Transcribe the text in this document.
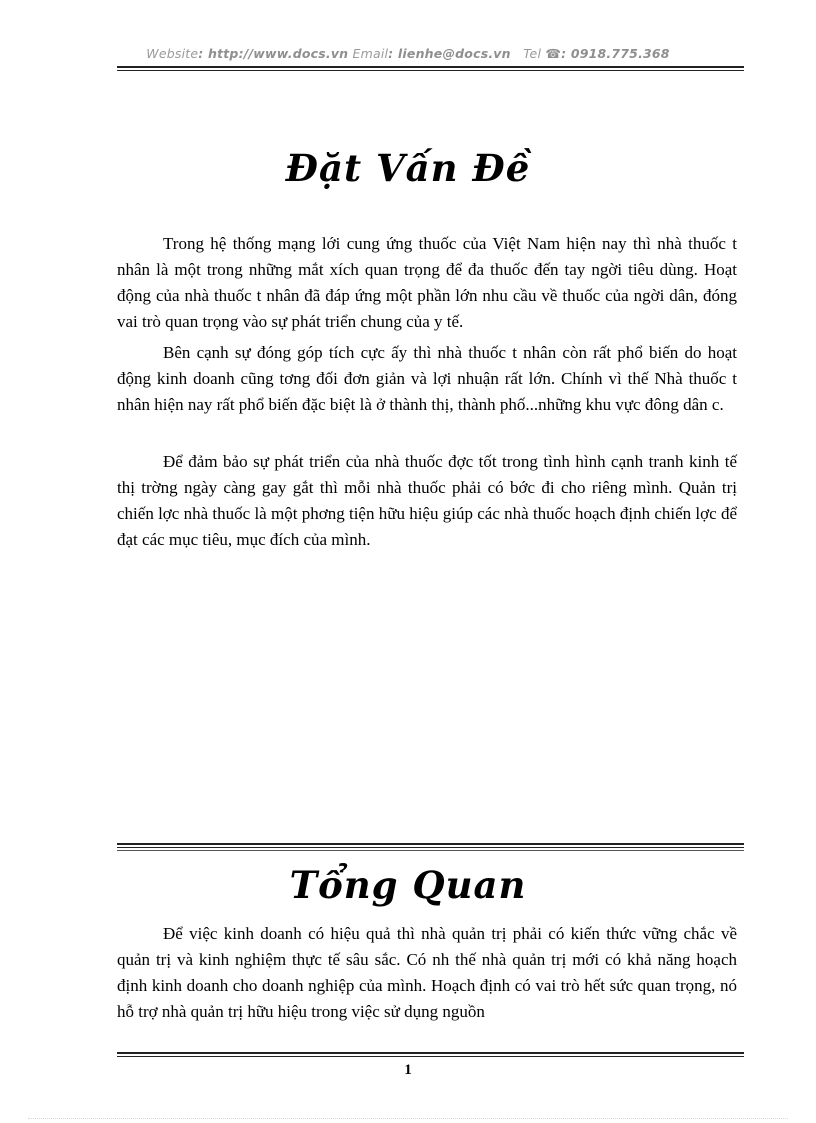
Website: http://www.docs.vn Email: lienhe@docs.vn Tel ☎: 0918.775.368
Đặt Vấn Đề

Trong hệ thống mạng lới cung ứng thuốc của Việt Nam hiện nay thì nhà thuốc t nhân là một trong những mắt xích quan trọng để đa thuốc đến tay ngời tiêu dùng. Hoạt động của nhà thuốc t nhân đã đáp ứng một phần lớn nhu cầu về thuốc của ngời dân, đóng vai trò quan trọng vào sự phát triển chung của y tế.

Bên cạnh sự đóng góp tích cực ấy thì nhà thuốc t nhân còn rất phổ biến do hoạt động kinh doanh cũng tơng đối đơn giản và lợi nhuận rất lớn. Chính vì thế Nhà thuốc t nhân hiện nay rất phổ biến đặc biệt là ở thành thị, thành phố...những khu vực đông dân c.

Để đảm bảo sự phát triển của nhà thuốc đợc tốt trong tình hình cạnh tranh kinh tế thị trờng ngày càng gay gắt thì mỗi nhà thuốc phải có bớc đi cho riêng mình. Quản trị chiến lợc nhà thuốc là một phơng tiện hữu hiệu giúp các nhà thuốc hoạch định chiến lợc để đạt các mục tiêu, mục đích của mình.

Tổng Quan

Để việc kinh doanh có hiệu quả thì nhà quản trị phải có kiến thức vững chắc về quản trị và kinh nghiệm thực tế sâu sắc. Có nh thế nhà quản trị mới có khả năng hoạch định kinh doanh cho doanh nghiệp của mình. Hoạch định có vai trò hết sức quan trọng, nó hỗ trợ nhà quản trị hữu hiệu trong việc sử dụng nguồn

1
